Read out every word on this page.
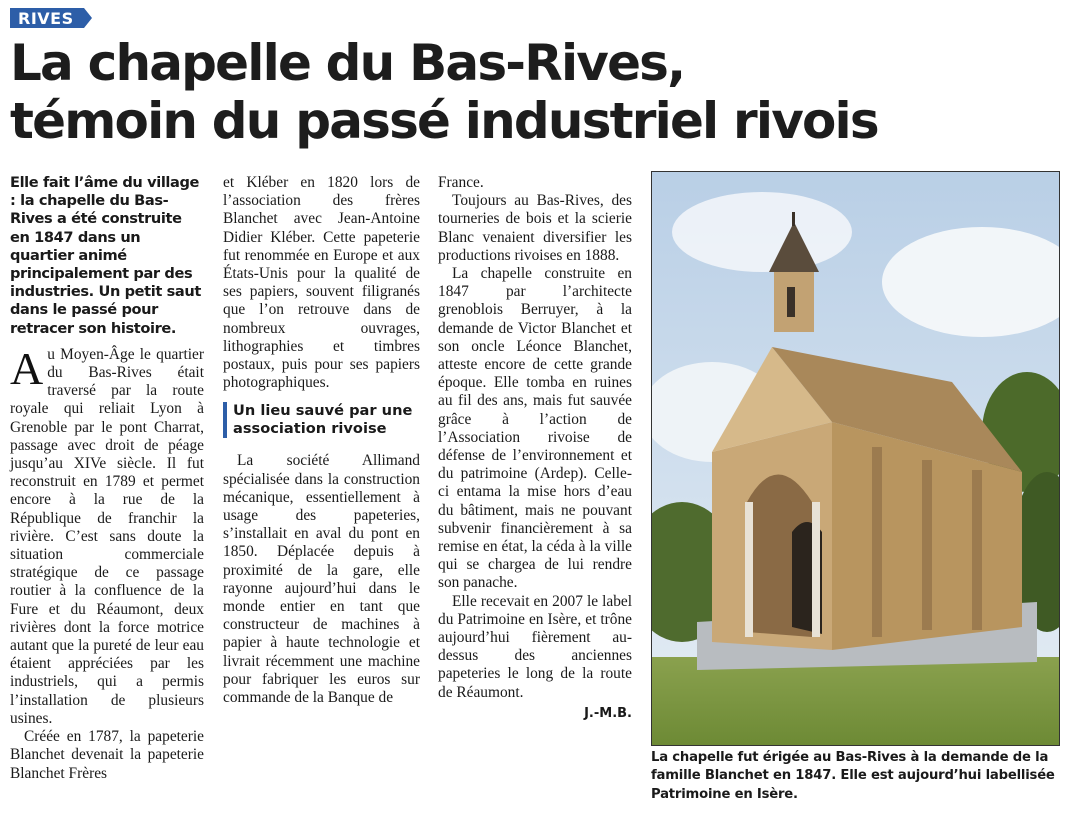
RIVES
La chapelle du Bas-Rives,
témoin du passé industriel rivois

Elle fait l’âme du village : la chapelle du Bas-Rives a été construite en 1847 dans un quartier animé principalement par des industries. Un petit saut dans le passé pour retracer son histoire.

Au Moyen-Âge le quartier du Bas-Rives était traversé par la route royale qui reliait Lyon à Grenoble par le pont Charrat, passage avec droit de péage jusqu’au XIVe siècle. Il fut reconstruit en 1789 et permet encore à la rue de la République de franchir la rivière. C’est sans doute la situation commerciale stratégique de ce passage routier à la confluence de la Fure et du Réaumont, deux rivières dont la force motrice autant que la pureté de leur eau étaient appréciées par les industriels, qui a permis l’installation de plusieurs usines.

Créée en 1787, la papeterie Blanchet devenait la papeterie Blanchet Frères

et Kléber en 1820 lors de l’association des frères Blanchet avec Jean-Antoine Didier Kléber. Cette papeterie fut renommée en Europe et aux États-Unis pour la qualité de ses papiers, souvent filigranés que l’on retrouve dans de nombreux ouvrages, lithographies et timbres postaux, puis pour ses papiers photographiques.

Un lieu sauvé par une association rivoise

La société Allimand spécialisée dans la construction mécanique, essentiellement à usage des papeteries, s’installait en aval du pont en 1850. Déplacée depuis à proximité de la gare, elle rayonne aujourd’hui dans le monde entier en tant que constructeur de machines à papier à haute technologie et livrait récemment une machine pour fabriquer les euros sur commande de la Banque de

France.

Toujours au Bas-Rives, des tourneries de bois et la scierie Blanc venaient diversifier les productions rivoises en 1888.

La chapelle construite en 1847 par l’architecte grenoblois Berruyer, à la demande de Victor Blanchet et son oncle Léonce Blanchet, atteste encore de cette grande époque. Elle tomba en ruines au fil des ans, mais fut sauvée grâce à l’action de l’Association rivoise de défense de l’environnement et du patrimoine (Ardep). Celle-ci entama la mise hors d’eau du bâtiment, mais ne pouvant subvenir financièrement à sa remise en état, la céda à la ville qui se chargea de lui rendre son panache.

Elle recevait en 2007 le label du Patrimoine en Isère, et trône aujourd’hui fièrement au-dessus des anciennes papeteries le long de la route de Réaumont.

J.-M.B.

La chapelle fut érigée au Bas-Rives à la demande de la famille Blanchet en 1847. Elle est aujourd’hui labellisée Patrimoine en Isère.
